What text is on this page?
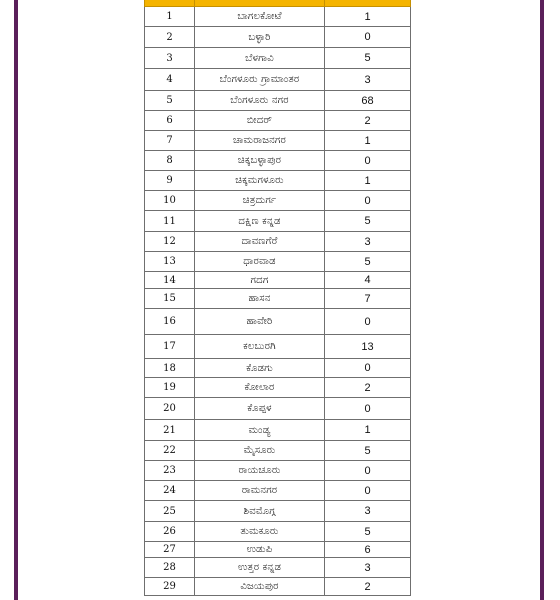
1	ಬಾಗಲಕೋಟೆ	1
2	ಬಳ್ಳಾರಿ	0
3	ಬೆಳಗಾವಿ	5
4	ಬೆಂಗಳೂರು ಗ್ರಾಮಾಂತರ	3
5	ಬೆಂಗಳೂರು ನಗರ	68
6	ಬೀದರ್	2
7	ಚಾಮರಾಜನಗರ	1
8	ಚಿಕ್ಕಬಳ್ಳಾಪುರ	0
9	ಚಿಕ್ಕಮಗಳೂರು	1
10	ಚಿತ್ರದುರ್ಗ	0
11	ದಕ್ಷಿಣ ಕನ್ನಡ	5
12	ದಾವಣಗೆರೆ	3
13	ಧಾರವಾಡ	5
14	ಗದಗ	4
15	ಹಾಸನ	7
16	ಹಾವೇರಿ	0
17	ಕಲಬುರಗಿ	13
18	ಕೊಡಗು	0
19	ಕೋಲಾರ	2
20	ಕೊಪ್ಪಳ	0
21	ಮಂಡ್ಯ	1
22	ಮೈಸೂರು	5
23	ರಾಯಚೂರು	0
24	ರಾಮನಗರ	0
25	ಶಿವಮೊಗ್ಗ	3
26	ತುಮಕೂರು	5
27	ಉಡುಪಿ	6
28	ಉತ್ತರ ಕನ್ನಡ	3
29	ವಿಜಯಪುರ	2
